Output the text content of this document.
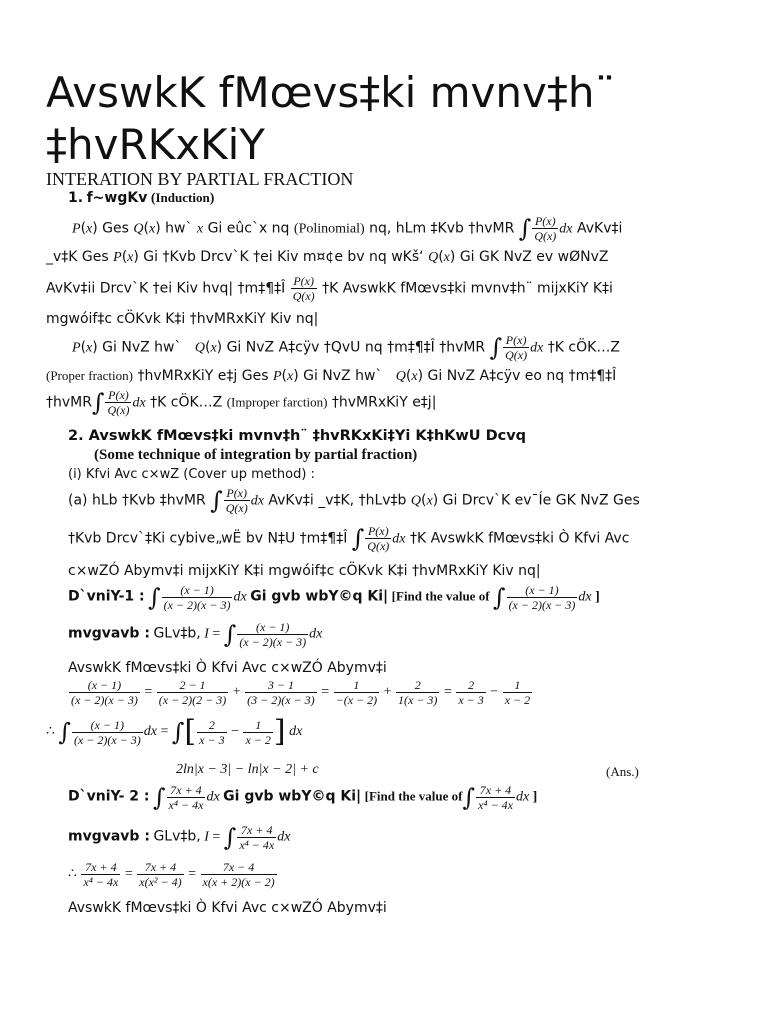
AvswkK fMœvs‡ki mvnv‡h¨
‡hvRKxKiY
INTERATION BY PARTIAL FRACTION
1. f~wgKv (Induction)
P(x) Ges Q(x) hw` x Gi eûc`x nq (Polinomial) nq, hLm ‡Kvb †hvMR ∫ $\frac{P(x)}{Q(x)}$ dx AvKv‡i
_v‡K Ges P(x) Gi †Kvb Drcv`K †ei Kiv m¤¢e bv nq wKš‘ Q(x) Gi GK NvZ ev wØNvZ
AvKv‡ii Drcv`K †ei Kiv hvq| †m‡¶‡Î $\frac{P(x)}{Q(x)}$ †K AvswkK fMœvs‡ki mvnv‡h¨ mijxKiY K‡i
mgwóif‡c cÖKvk K‡i †hvMRxKiY Kiv nq|
P(x) Gi NvZ hw` Q(x) Gi NvZ A‡cÿv †QvU nq †m‡¶‡Î †hvMR ∫ $\frac{P(x)}{Q(x)}$ dx †K cÖK…Z
(Proper fraction) †hvMRxKiY e‡j Ges P(x) Gi NvZ hw` Q(x) Gi NvZ A‡cÿv eo nq †m‡¶‡Î
†hvMR∫ $\frac{P(x)}{Q(x)}$ dx †K cÖK…Z (Improper farction) †hvMRxKiY e‡j|
2. AvswkK fMœvs‡ki mvnv‡h¨ ‡hvRKxKi‡Yi K‡hKwU Dcvq
(Some technique of integration by partial fraction)
(i) Kfvi Avc c×wZ (Cover up method) :
(a) hLb †Kvb ‡hvMR ∫ $\frac{P(x)}{Q(x)}$ dx AvKv‡i _v‡K, †hLv‡b Q(x) Gi Drcv`K ev¯Íe GK NvZ Ges
†Kvb Drcv`‡Ki cybive„wË bv N‡U †m‡¶‡Î ∫ $\frac{P(x)}{Q(x)}$ dx †K AvswkK fMœvs‡ki Ò Kfvi Avc
c×wZÓ Abymv‡i mijxKiY K‡i mgwóif‡c cÖKvk K‡i †hvMRxKiY Kiv nq|
D`vniY-1 : ∫ $\frac{(x - 1)}{(x - 2)(x - 3)}$ dx Gi gvb wbY©q Ki| [Find the value of ∫ $\frac{(x - 1)}{(x - 2)(x - 3)}$ dx ]
mvgvavb : GLv‡b, I = ∫ $\frac{(x - 1)}{(x - 2)(x - 3)}$ dx
AvswkK fMœvs‡ki Ò Kfvi Avc c×wZÓ Abymv‡i
$\frac{(x - 1)}{(x - 2)(x - 3)} = \frac{2 - 1}{(x - 2)(2 - 3)} + \frac{3 - 1}{(3 - 2)(x - 3)} = \frac{1}{-(x - 2)} + \frac{2}{1(x - 3)} = \frac{2}{x - 3} - \frac{1}{x - 2}$
∴ ∫ $\frac{(x - 1)}{(x - 2)(x - 3)}$ dx = ∫[ $\frac{2}{x - 3} - \frac{1}{x - 2}$ ] dx
2ln|x − 3| − ln|x − 2| + c	(Ans.)
D`vniY- 2 : ∫ $\frac{7x + 4}{\text{x⁴ − 4x}}$ dx Gi gvb wbY©q Ki| [Find the value $of\int \frac{7x + 4}{\text{x⁴ − 4x}}$ dx ]
mvgvavb : GLv‡b, I = ∫ $\frac{7x + 4}{\text{x⁴ − 4x}}$ dx
∴ $\frac{7x + 4}{\text{x⁴ − 4x}} = \frac{7x + 4}{\text{x(x² − 4)}} = \frac{7x - 4}{x(x + 2)(x - 2)}$
AvswkK fMœvs‡ki Ò Kfvi Avc c×wZÓ Abymv‡i
